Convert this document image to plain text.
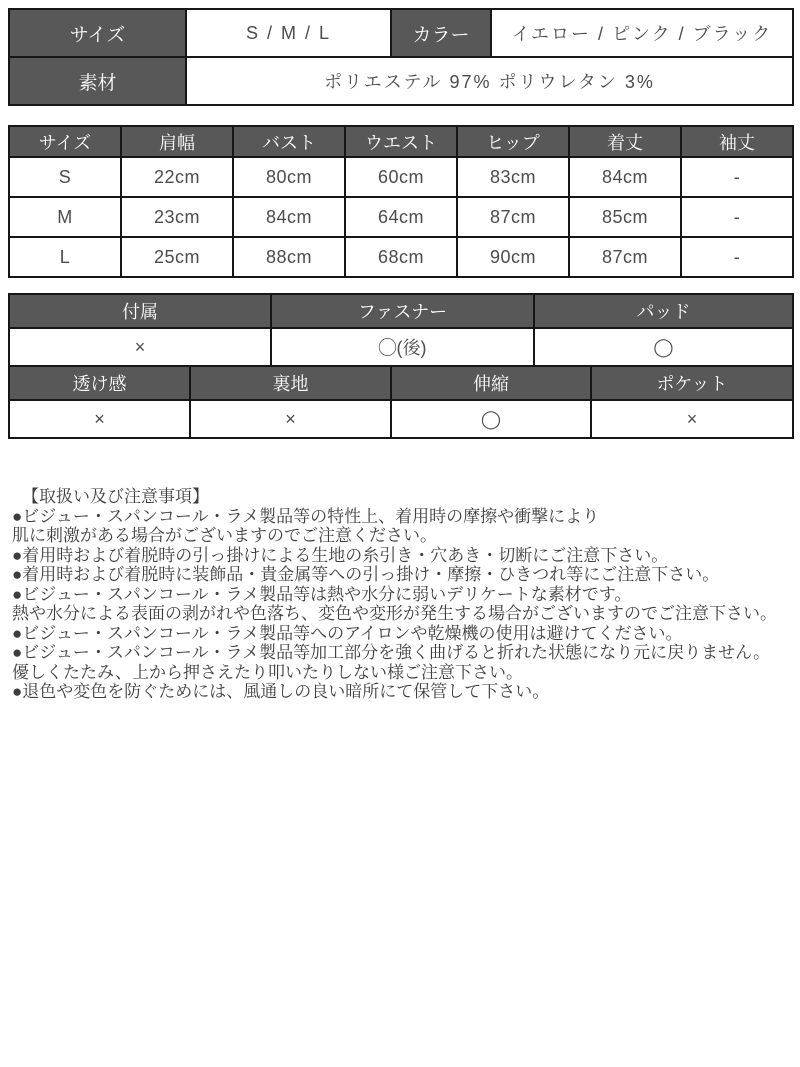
サイズ	S / M / L	カラー	イエロー / ピンク / ブラック
素材	ポリエステル 97% ポリウレタン 3%		
サイズ	肩幅	バスト	ウエスト	ヒップ	着丈	袖丈
S	22cm	80cm	60cm	83cm	84cm	-
M	23cm	84cm	64cm	87cm	85cm	-
L	25cm	88cm	68cm	90cm	87cm	-
付属	ファスナー	パッド
×	◯(後)	◯
透け感	裏地	伸縮	ポケット
×	×	◯	×
【取扱い及び注意事項】
●ビジュー・スパンコール・ラメ製品等の特性上、着用時の摩擦や衝撃により
肌に刺激がある場合がございますのでご注意ください。
●着用時および着脱時の引っ掛けによる生地の糸引き・穴あき・切断にご注意下さい。
●着用時および着脱時に装飾品・貴金属等への引っ掛け・摩擦・ひきつれ等にご注意下さい。
●ビジュー・スパンコール・ラメ製品等は熱や水分に弱いデリケートな素材です。
熱や水分による表面の剥がれや色落ち、変色や変形が発生する場合がございますのでご注意下さい。
●ビジュー・スパンコール・ラメ製品等へのアイロンや乾燥機の使用は避けてください。
●ビジュー・スパンコール・ラメ製品等加工部分を強く曲げると折れた状態になり元に戻りません。
優しくたたみ、上から押さえたり叩いたりしない様ご注意下さい。
●退色や変色を防ぐためには、風通しの良い暗所にて保管して下さい。
